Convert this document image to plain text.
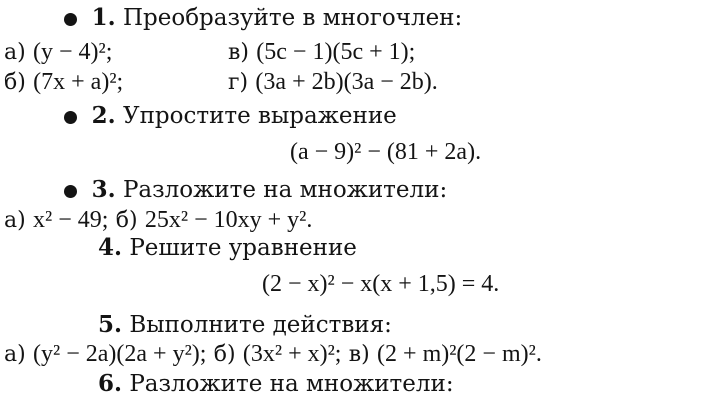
1. Преобразуйте в многочлен:
а) (y − 4)²;	в) (5c − 1)(5c + 1);
б) (7x + a)²;	г) (3a + 2b)(3a − 2b).
2. Упростите выражение
(a − 9)² − (81 + 2a).
3. Разложите на множители:
а) x² − 49; б) 25x² − 10xy + y².
4. Решите уравнение
(2 − x)² − x(x + 1,5) = 4.
5. Выполните действия:
а) (y² − 2a)(2a + y²); б) (3x² + x)²; в) (2 + m)²(2 − m)².
6. Разложите на множители:
